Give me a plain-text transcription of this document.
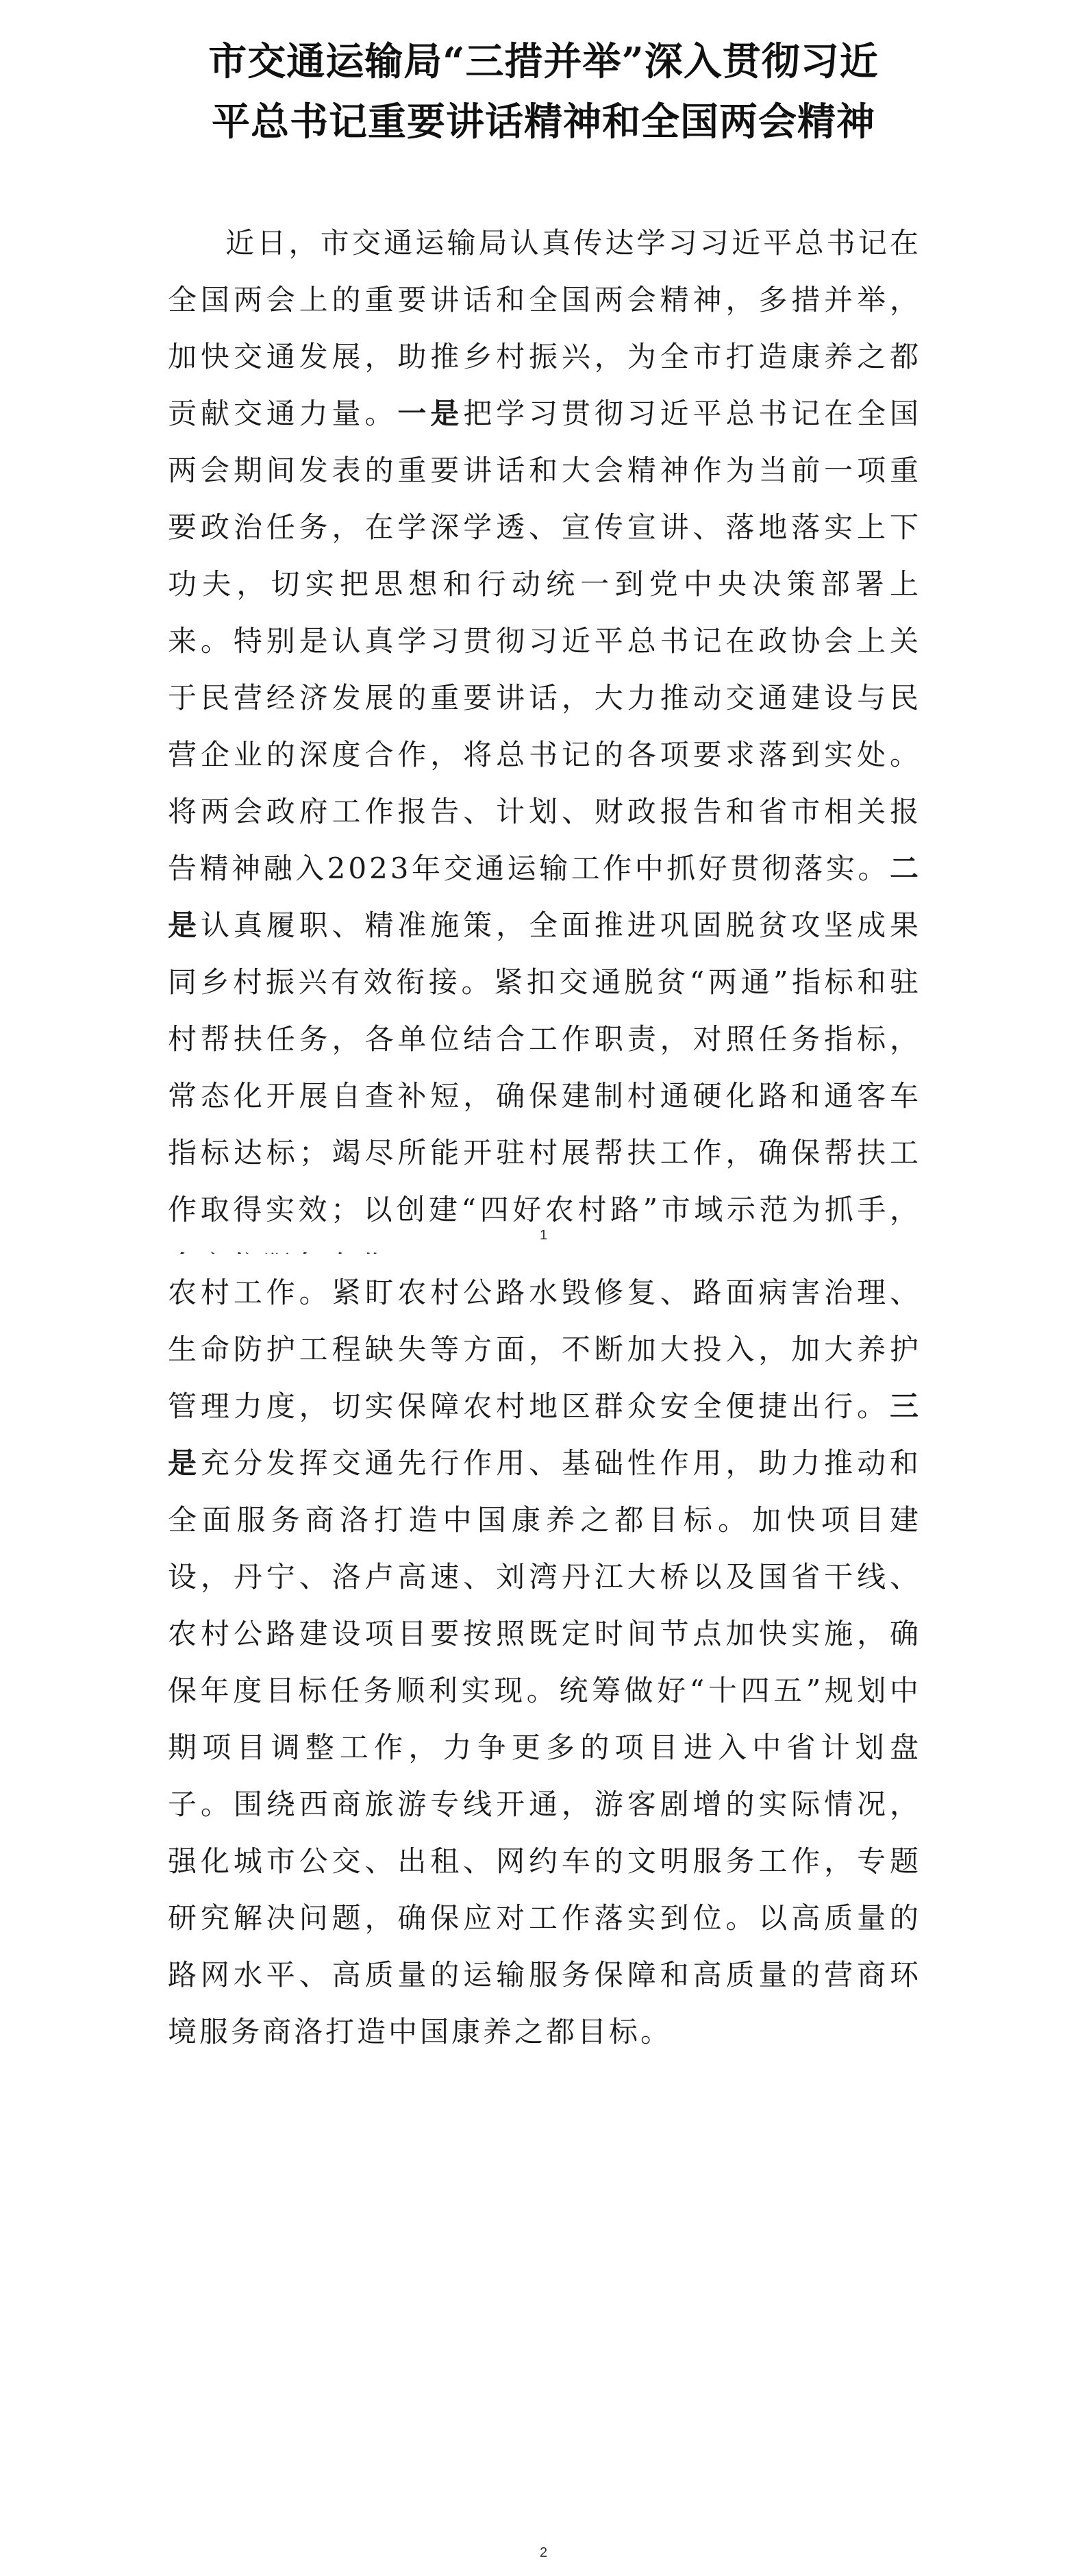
市交通运输局“三措并举”深入贯彻习近
平总书记重要讲话精神和全国两会精神
近日，市交通运输局认真传达学习习近平总书记在全国两会上的重要讲话和全国两会精神，多措并举，加快交通发展，助推乡村振兴，为全市打造康养之都贡献交通力量。一是把学习贯彻习近平总书记在全国两会期间发表的重要讲话和大会精神作为当前一项重要政治任务，在学深学透、宣传宣讲、落地落实上下功夫，切实把思想和行动统一到党中央决策部署上来。特别是认真学习贯彻习近平总书记在政协会上关于民营经济发展的重要讲话，大力推动交通建设与民营企业的深度合作，将总书记的各项要求落到实处。将两会政府工作报告、计划、财政报告和省市相关报告精神融入2023年交通运输工作中抓好贯彻落实。二是认真履职、精准施策，全面推进巩固脱贫攻坚成果同乡村振兴有效衔接。紧扣交通脱贫“两通”指标和驻村帮扶任务，各单位结合工作职责，对照任务指标，常态化开展自查补短，确保建制村通硬化路和通客车指标达标；竭尽所能开驻村展帮扶工作，确保帮扶工作取得实效；以创建“四好农村路”市域示范为抓手，
1
农村工作。紧盯农村公路水毁修复、路面病害治理、生命防护工程缺失等方面，不断加大投入，加大养护管理力度，切实保障农村地区群众安全便捷出行。三是充分发挥交通先行作用、基础性作用，助力推动和全面服务商洛打造中国康养之都目标。加快项目建设，丹宁、洛卢高速、刘湾丹江大桥以及国省干线、农村公路建设项目要按照既定时间节点加快实施，确保年度目标任务顺利实现。统筹做好“十四五”规划中期项目调整工作，力争更多的项目进入中省计划盘子。围绕西商旅游专线开通，游客剧增的实际情况，强化城市公交、出租、网约车的文明服务工作，专题研究解决问题，确保应对工作落实到位。以高质量的路网水平、高质量的运输服务保障和高质量的营商环境服务商洛打造中国康养之都目标。
2
